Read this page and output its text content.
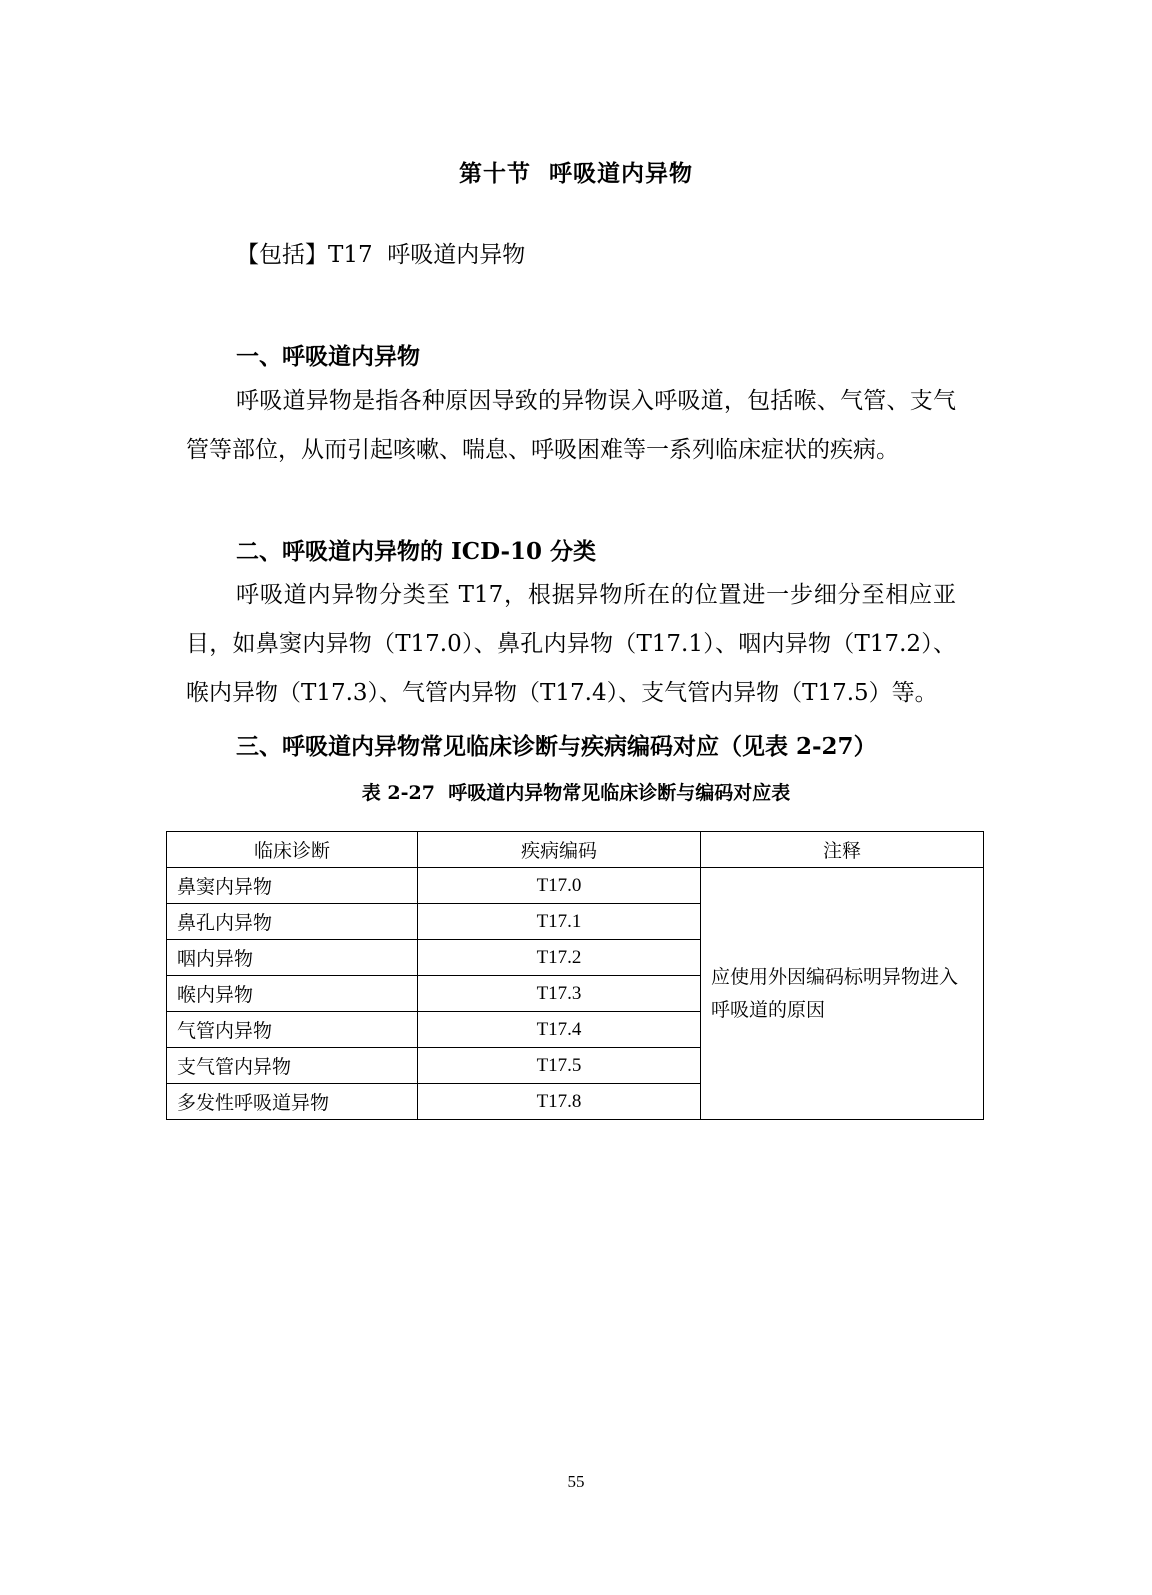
第十节  呼吸道内异物
【包括】T17  呼吸道内异物
一、呼吸道内异物
呼吸道异物是指各种原因导致的异物误入呼吸道，包括喉、气管、支气管等部位，从而引起咳嗽、喘息、呼吸困难等一系列临床症状的疾病。
二、呼吸道内异物的 ICD-10 分类
呼吸道内异物分类至 T17，根据异物所在的位置进一步细分至相应亚目，如鼻窦内异物（T17.0）、鼻孔内异物（T17.1）、咽内异物（T17.2）、喉内异物（T17.3）、气管内异物（T17.4）、支气管内异物（T17.5）等。
三、呼吸道内异物常见临床诊断与疾病编码对应（见表 2-27）
表 2-27  呼吸道内异物常见临床诊断与编码对应表
临床诊断	疾病编码	注释
鼻窦内异物	T17.0	应使用外因编码标明异物进入呼吸道的原因
鼻孔内异物	T17.1	
咽内异物	T17.2	
喉内异物	T17.3	
气管内异物	T17.4	
支气管内异物	T17.5	
多发性呼吸道异物	T17.8	
55
